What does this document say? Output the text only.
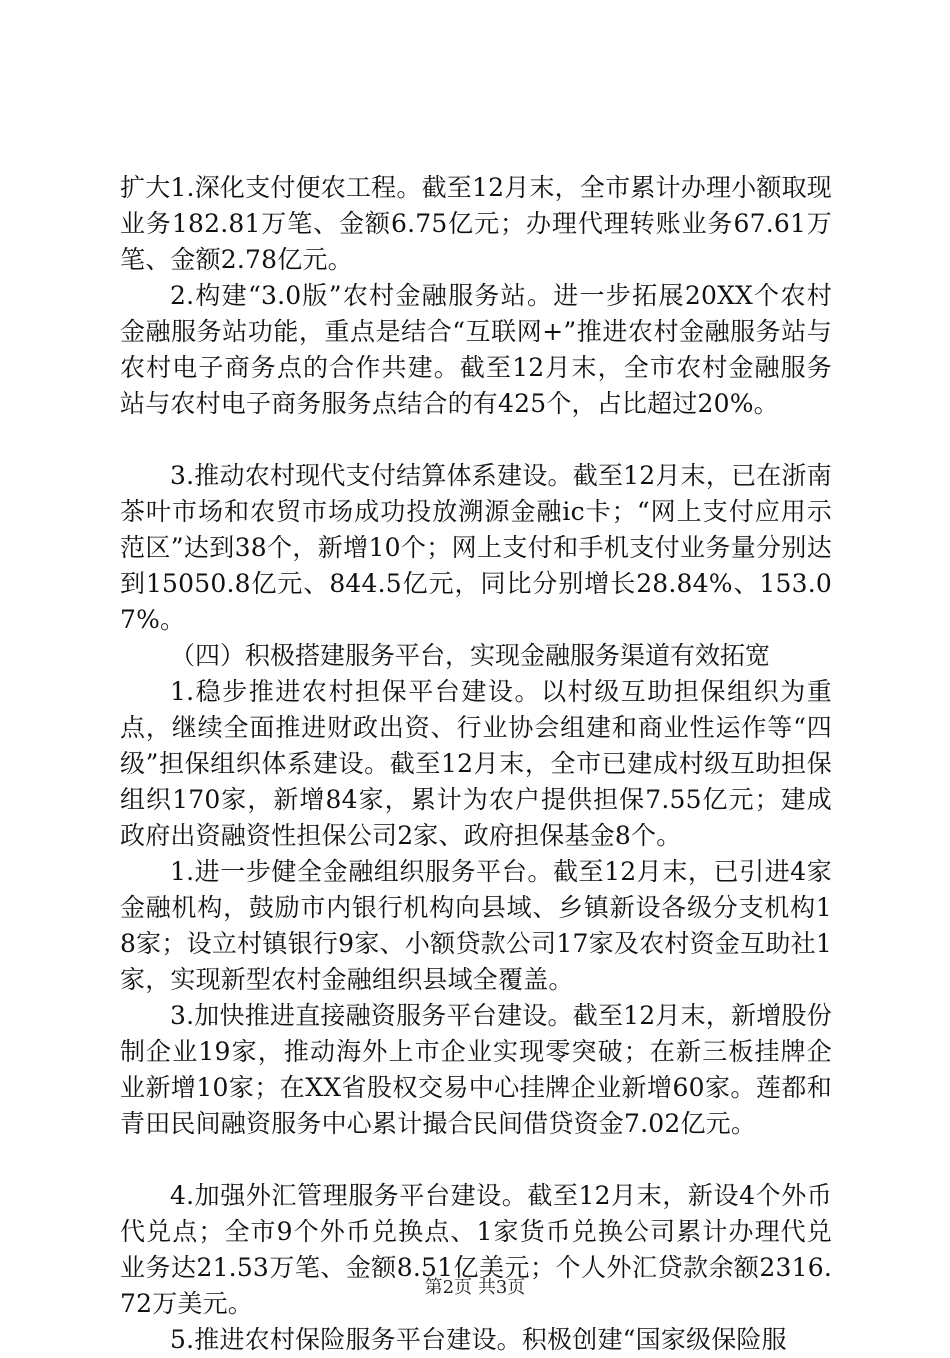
扩大1.深化支付便农工程。截至12月末，全市累计办理小额取现业务182.81万笔、金额6.75亿元；办理代理转账业务67.61万笔、金额2.78亿元。

2.构建“3.0版”农村金融服务站。进一步拓展20XX个农村金融服务站功能，重点是结合“互联网+”推进农村金融服务站与农村电子商务点的合作共建。截至12月末，全市农村金融服务站与农村电子商务服务点结合的有425个，占比超过20%。

3.推动农村现代支付结算体系建设。截至12月末，已在浙南茶叶市场和农贸市场成功投放溯源金融ic卡；“网上支付应用示范区”达到38个，新增10个；网上支付和手机支付业务量分别达到15050.8亿元、844.5亿元，同比分别增长28.84%、153.07%。

（四）积极搭建服务平台，实现金融服务渠道有效拓宽

1.稳步推进农村担保平台建设。以村级互助担保组织为重点，继续全面推进财政出资、行业协会组建和商业性运作等“四级”担保组织体系建设。截至12月末，全市已建成村级互助担保组织170家，新增84家，累计为农户提供担保7.55亿元；建成政府出资融资性担保公司2家、政府担保基金8个。

1.进一步健全金融组织服务平台。截至12月末，已引进4家金融机构，鼓励市内银行机构向县域、乡镇新设各级分支机构18家；设立村镇银行9家、小额贷款公司17家及农村资金互助社1家，实现新型农村金融组织县域全覆盖。

3.加快推进直接融资服务平台建设。截至12月末，新增股份制企业19家，推动海外上市企业实现零突破；在新三板挂牌企业新增10家；在XX省股权交易中心挂牌企业新增60家。莲都和青田民间融资服务中心累计撮合民间借贷资金7.02亿元。

4.加强外汇管理服务平台建设。截至12月末，新设4个外币代兑点；全市9个外币兑换点、1家货币兑换公司累计办理代兑业务达21.53万笔、金额8.51亿美元；个人外汇贷款余额2316.72万美元。

5.推进农村保险服务平台建设。积极创建“国家级保险服

第2页 共3页
